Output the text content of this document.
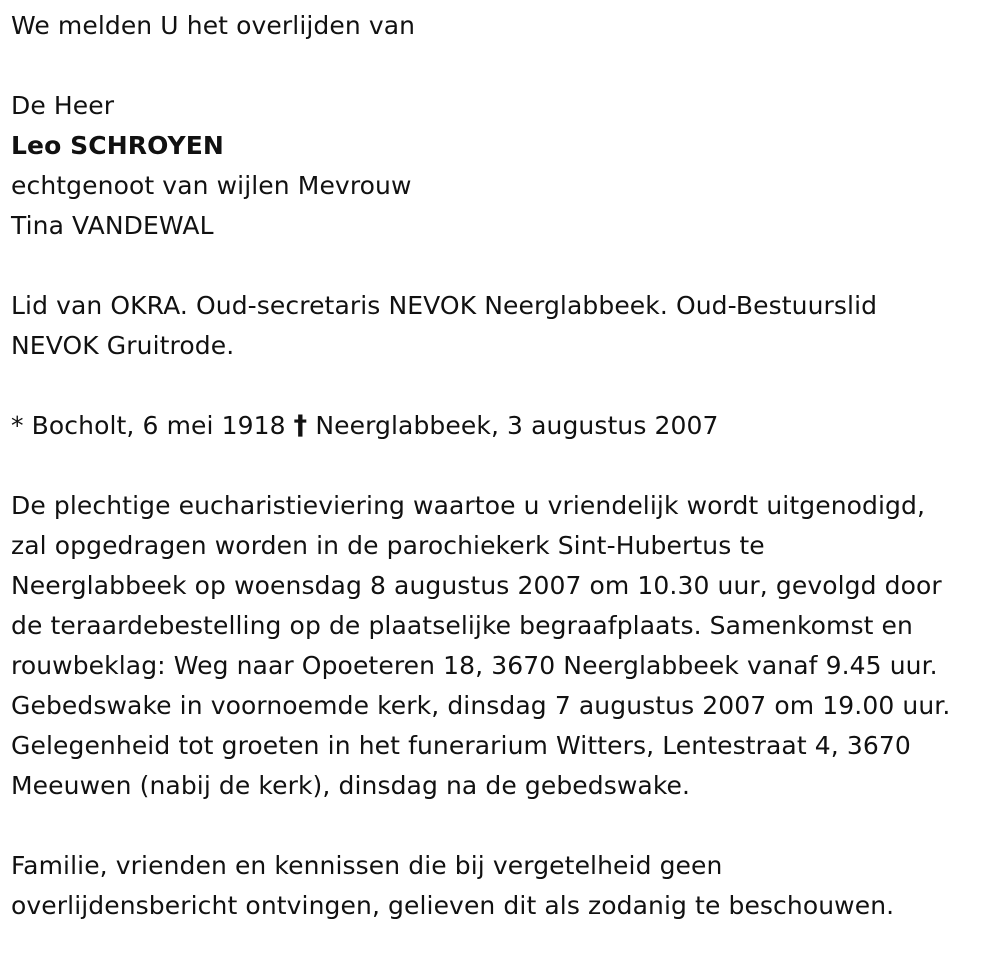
We melden U het overlijden van

De Heer

Leo SCHROYEN

echtgenoot van wijlen Mevrouw

Tina VANDEWAL

Lid van OKRA. Oud-secretaris NEVOK Neerglabbeek. Oud-Bestuurslid

NEVOK Gruitrode.

* Bocholt, 6 mei 1918 † Neerglabbeek, 3 augustus 2007

De plechtige eucharistieviering waartoe u vriendelijk wordt uitgenodigd,

zal opgedragen worden in de parochiekerk Sint-Hubertus te

Neerglabbeek op woensdag 8 augustus 2007 om 10.30 uur, gevolgd door

de teraardebestelling op de plaatselijke begraafplaats. Samenkomst en

rouwbeklag: Weg naar Opoeteren 18, 3670 Neerglabbeek vanaf 9.45 uur.

Gebedswake in voornoemde kerk, dinsdag 7 augustus 2007 om 19.00 uur.

Gelegenheid tot groeten in het funerarium Witters, Lentestraat 4, 3670

Meeuwen (nabij de kerk), dinsdag na de gebedswake.

Familie, vrienden en kennissen die bij vergetelheid geen

overlijdensbericht ontvingen, gelieven dit als zodanig te beschouwen.
